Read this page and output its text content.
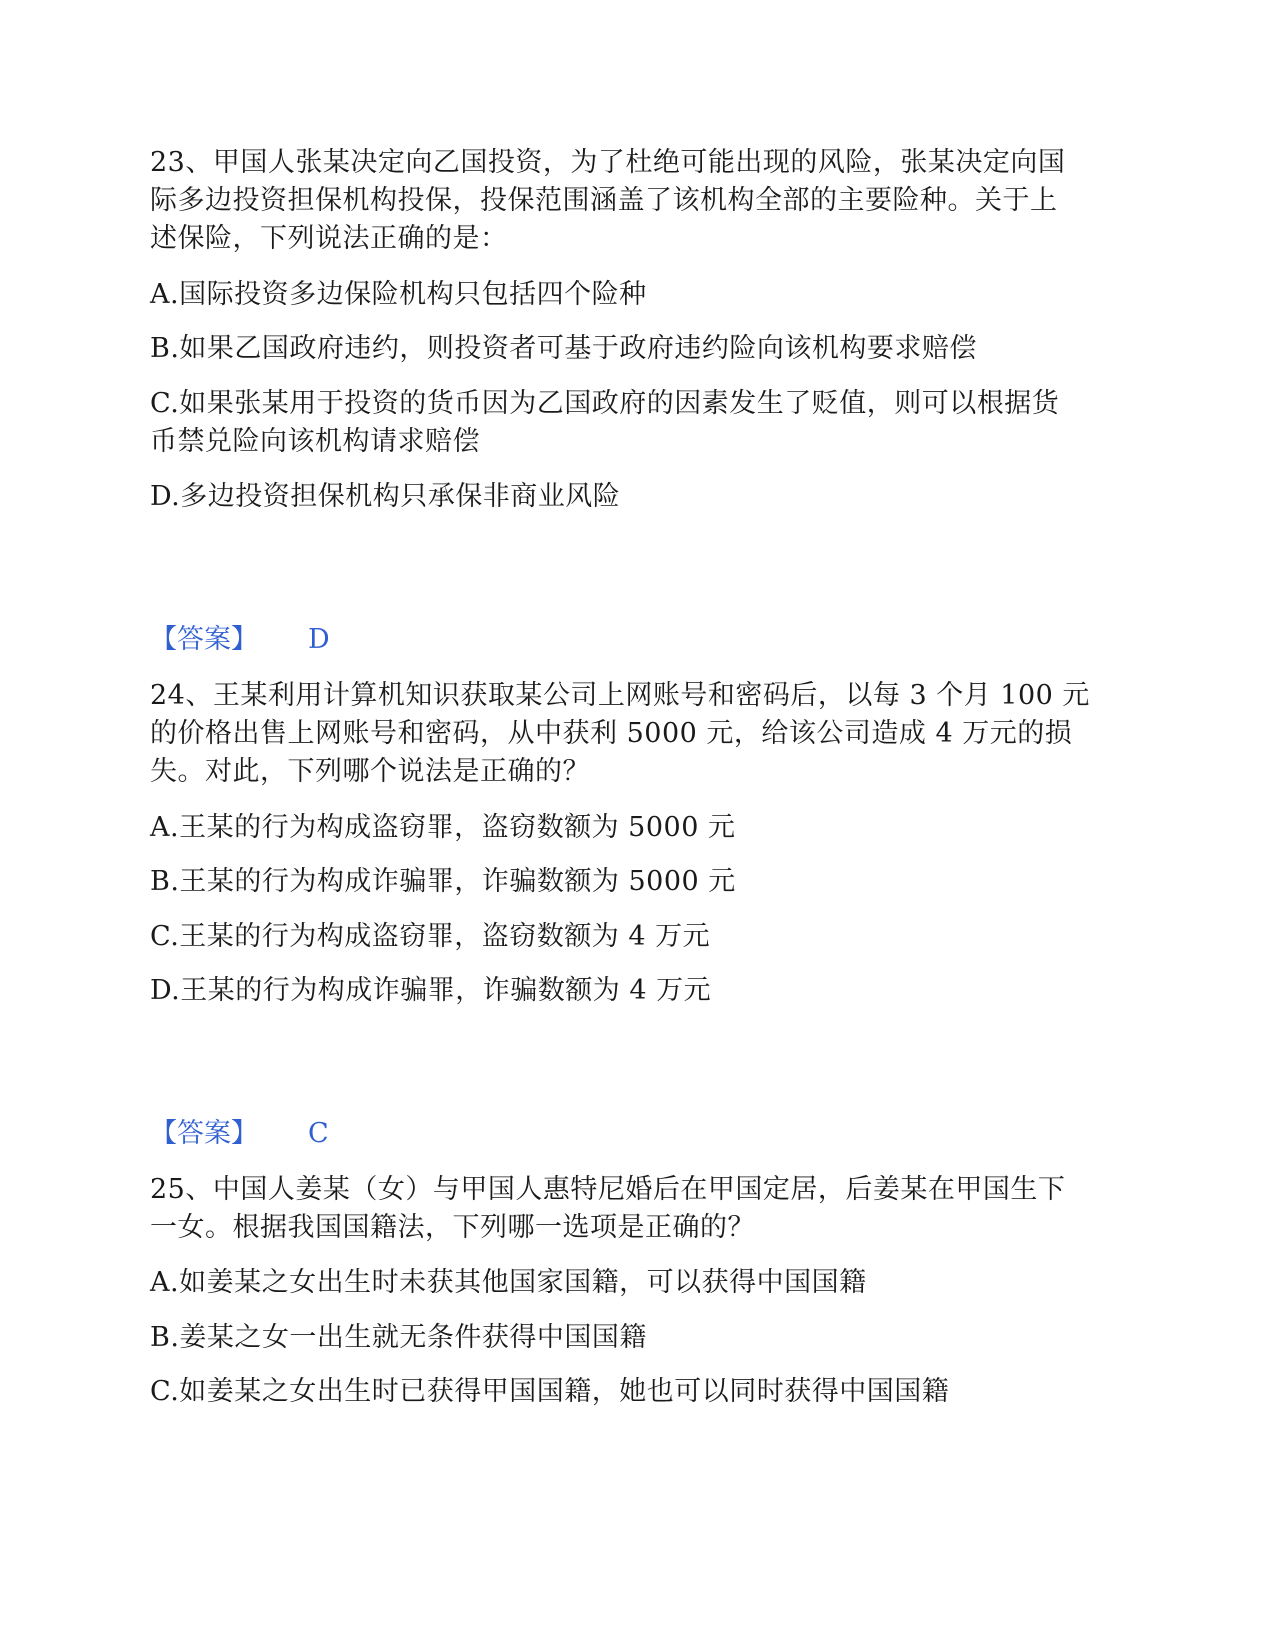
23、甲国人张某决定向乙国投资，为了杜绝可能出现的风险，张某决定向国
际多边投资担保机构投保，投保范围涵盖了该机构全部的主要险种。关于上
述保险，下列说法正确的是：
A.国际投资多边保险机构只包括四个险种
B.如果乙国政府违约，则投资者可基于政府违约险向该机构要求赔偿
C.如果张某用于投资的货币因为乙国政府的因素发生了贬值，则可以根据货
币禁兑险向该机构请求赔偿
D.多边投资担保机构只承保非商业风险
【答案】 D
24、王某利用计算机知识获取某公司上网账号和密码后，以每 3 个月 100 元
的价格出售上网账号和密码，从中获利 5000 元，给该公司造成 4 万元的损
失。对此，下列哪个说法是正确的？
A.王某的行为构成盗窃罪，盗窃数额为 5000 元
B.王某的行为构成诈骗罪，诈骗数额为 5000 元
C.王某的行为构成盗窃罪，盗窃数额为 4 万元
D.王某的行为构成诈骗罪，诈骗数额为 4 万元
【答案】 C
25、中国人姜某（女）与甲国人惠特尼婚后在甲国定居，后姜某在甲国生下
一女。根据我国国籍法，下列哪一选项是正确的？
A.如姜某之女出生时未获其他国家国籍，可以获得中国国籍
B.姜某之女一出生就无条件获得中国国籍
C.如姜某之女出生时已获得甲国国籍，她也可以同时获得中国国籍
